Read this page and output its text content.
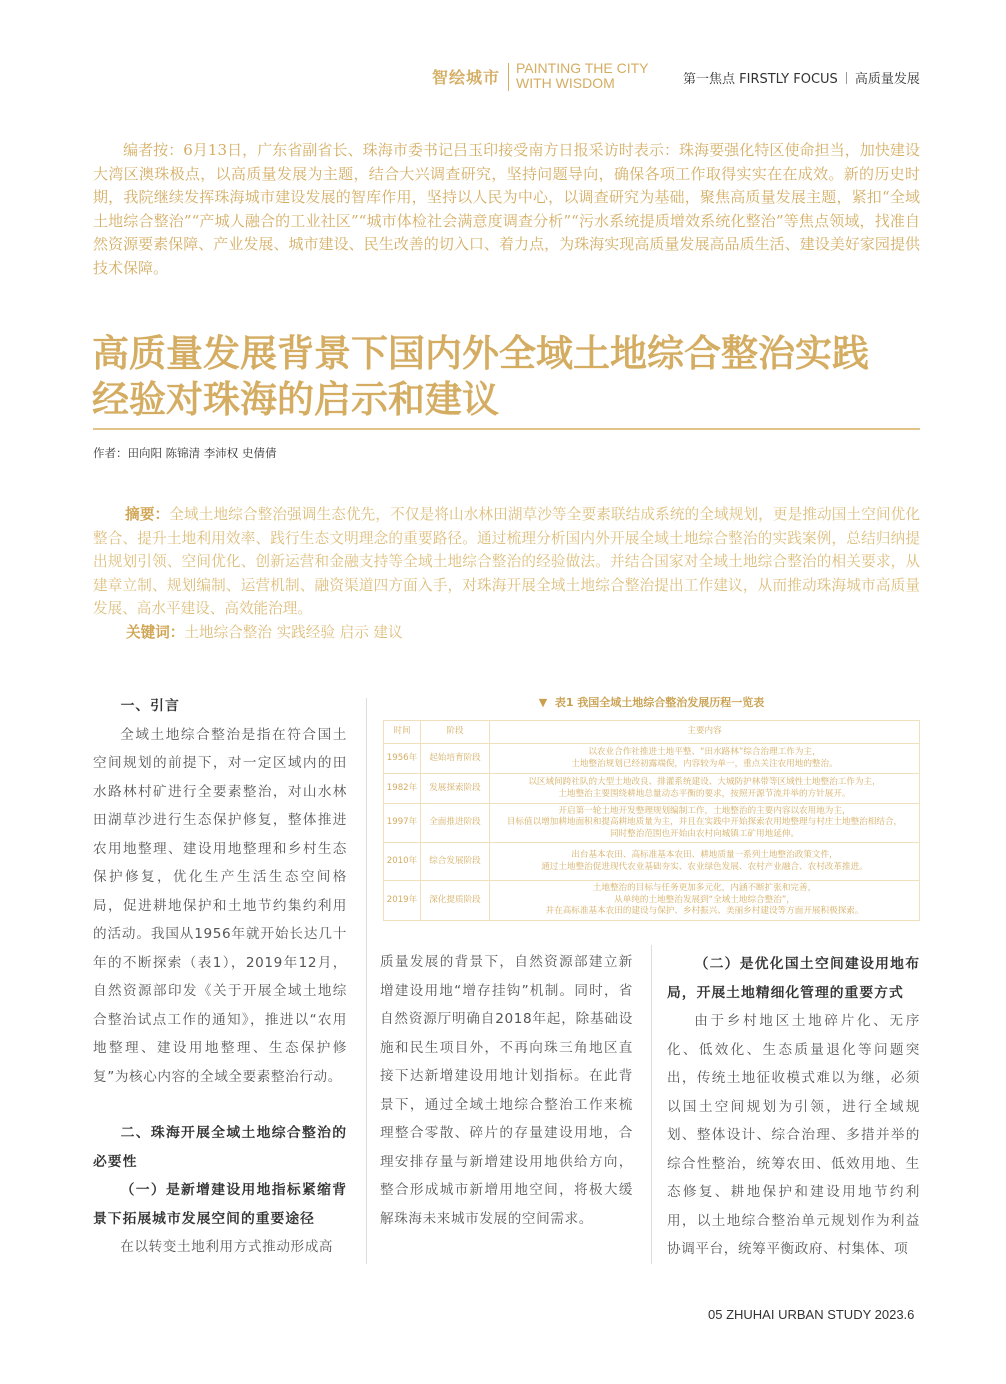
智绘城市 PAINTING THE CITY
WITH WISDOM	第一焦点 FIRSTLY FOCUS 高质量发展
编者按：6月13日，广东省副省长、珠海市委书记吕玉印接受南方日报采访时表示：珠海要强化特区使命担当，加快建设大湾区澳珠极点，以高质量发展为主题，结合大兴调查研究，坚持问题导向，确保各项工作取得实实在在成效。新的历史时期，我院继续发挥珠海城市建设发展的智库作用，坚持以人民为中心，以调查研究为基础，聚焦高质量发展主题，紧扣“全域土地综合整治”“产城人融合的工业社区”“城市体检社会满意度调查分析”“污水系统提质增效系统化整治”等焦点领域，找准自然资源要素保障、产业发展、城市建设、民生改善的切入口、着力点，为珠海实现高质量发展高品质生活、建设美好家园提供技术保障。
高质量发展背景下国内外全域土地综合整治实践
经验对珠海的启示和建议
作者：田向阳 陈锦清 李沛权 史倩倩
摘要：全域土地综合整治强调生态优先，不仅是将山水林田湖草沙等全要素联结成系统的全域规划，更是推动国土空间优化整合、提升土地利用效率、践行生态文明理念的重要路径。通过梳理分析国内外开展全域土地综合整治的实践案例，总结归纳提出规划引领、空间优化、创新运营和金融支持等全域土地综合整治的经验做法。并结合国家对全域土地综合整治的相关要求，从建章立制、规划编制、运营机制、融资渠道四方面入手，对珠海开展全域土地综合整治提出工作建议，从而推动珠海城市高质量发展、高水平建设、高效能治理。
关键词：土地综合整治 实践经验 启示 建议
一、引言

全域土地综合整治是指在符合国土空间规划的前提下，对一定区域内的田水路林村矿进行全要素整治，对山水林田湖草沙进行生态保护修复，整体推进农用地整理、建设用地整理和乡村生态保护修复，优化生产生活生态空间格局，促进耕地保护和土地节约集约利用的活动。我国从1956年就开始长达几十年的不断探索（表1），2019年12月，自然资源部印发《关于开展全域土地综合整治试点工作的通知》，推进以“农用地整理、建设用地整理、生态保护修复”为核心内容的全域全要素整治行动。

二、珠海开展全域土地综合整治的必要性
（一）是新增建设用地指标紧缩背景下拓展城市发展空间的重要途径

在以转变土地利用方式推动形成高

▼ 表1 我国全域土地综合整治发展历程一览表
时间	阶段	主要内容
1956年	起始培育阶段	以农业合作社推进土地平整、“田水路林”综合治理工作为主，
土地整治规划已经初露端倪，内容较为单一，重点关注农用地的整治。

1982年	发展探索阶段	以区域间跨社队的大型土地改良、排灌系统建设、大城防护林带等区域性土地整治工作为主，
土地整治主要围绕耕地总量动态平衡的要求，按照开源节流并举的方针展开。

1997年	全面推进阶段	开启第一轮土地开发整理规划编制工作，土地整治的主要内容以农用地为主，
目标值以增加耕地面积和提高耕地质量为主，并且在实践中开始探索农用地整理与村庄土地整治相结合，
同时整治范围也开始由农村向城镇工矿用地延伸。

2010年	综合发展阶段	出台基本农田、高标准基本农田、耕地质量一系列土地整治政策文件，
通过土地整治促进现代农业基础夯实、农业绿色发展、农村产业融合、农村改革推进。

2019年	深化提质阶段	土地整治的目标与任务更加多元化，内涵不断扩张和完善，
从单纯的土地整治发展到“全域土地综合整治”，
并在高标准基本农田的建设与保护、乡村振兴、美丽乡村建设等方面开展积极探索。

质量发展的背景下，自然资源部建立新增建设用地“增存挂钩”机制。同时，省自然资源厅明确自2018年起，除基础设施和民生项目外，不再向珠三角地区直接下达新增建设用地计划指标。在此背景下，通过全域土地综合整治工作来梳理整合零散、碎片的存量建设用地，合理安排存量与新增建设用地供给方向，整合形成城市新增用地空间，将极大缓解珠海未来城市发展的空间需求。

（二）是优化国土空间建设用地布局，开展土地精细化管理的重要方式

由于乡村地区土地碎片化、无序化、低效化、生态质量退化等问题突出，传统土地征收模式难以为继，必须以国土空间规划为引领，进行全域规划、整体设计、综合治理、多措并举的综合性整治，统筹农田、低效用地、生态修复、耕地保护和建设用地节约利用，以土地综合整治单元规划作为利益协调平台，统筹平衡政府、村集体、项

05 ZHUHAI URBAN STUDY 2023.6
